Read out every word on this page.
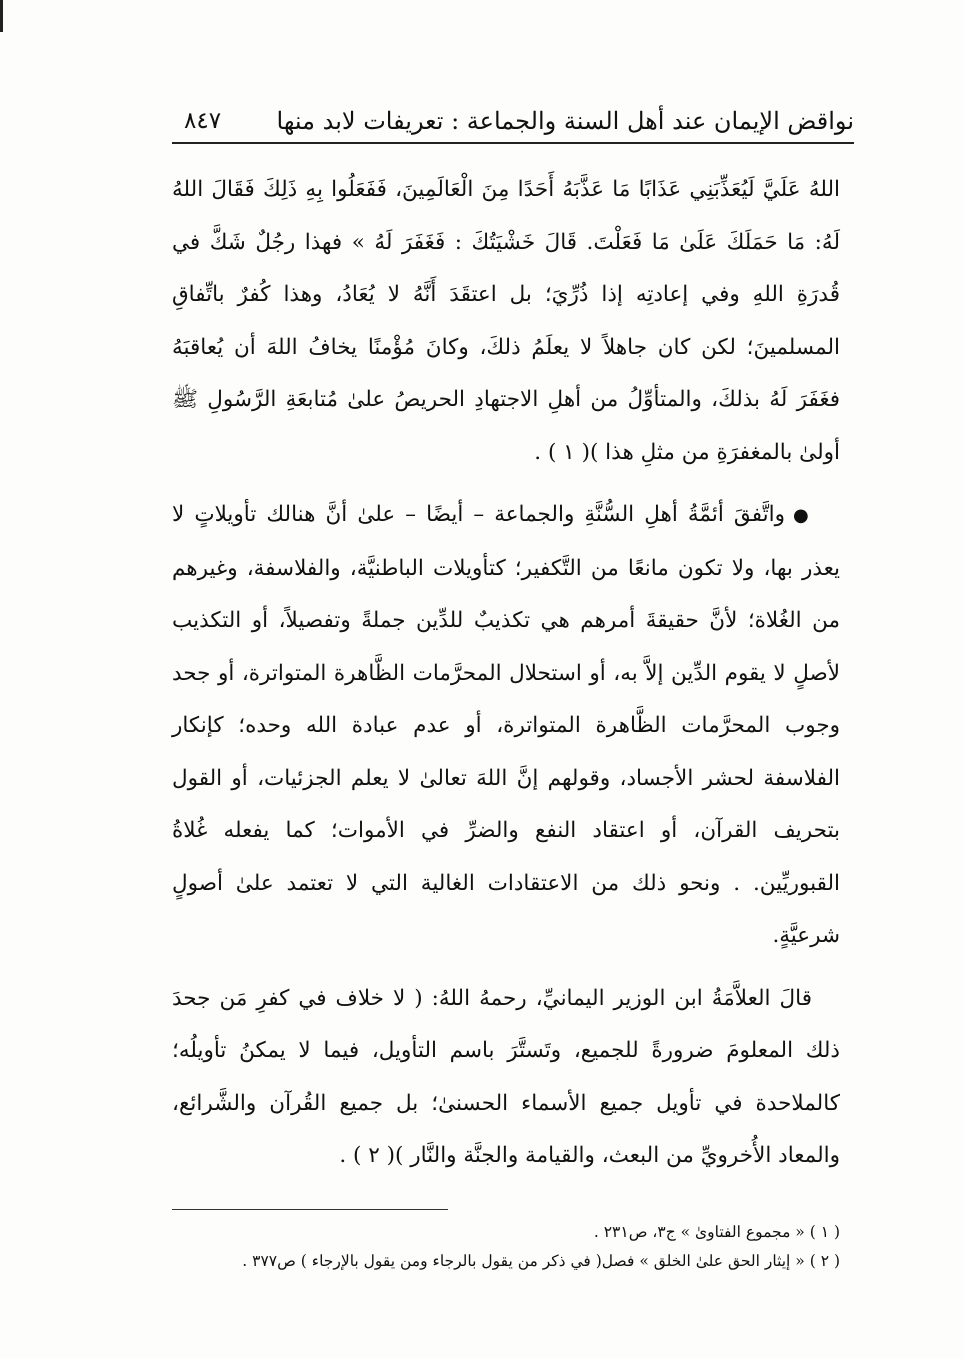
نواقض الإيمان عند أهل السنة والجماعة : تعريفات لابد منها
٨٤٧

اللهُ عَلَيَّ لَيُعَذِّبَنِي عَذَابًا مَا عَذَّبَهُ أَحَدًا مِنَ الْعَالَمِينَ، فَفَعَلُوا بِهِ ذَلِكَ فَقَالَ اللهُ لَهُ: مَا حَمَلَكَ عَلَىٰ مَا فَعَلْتَ. قَالَ خَشْيَتُكَ : فَغَفَرَ لَهُ » فهذا رجُلٌ شَكَّ في قُدرَةِ اللهِ وفي إعادتِه إذا ذُرِّيَ؛ بل اعتقَدَ أَنَّهُ لا يُعَادُ، وهذا كُفرٌ باتِّفاقِ المسلمينَ؛ لكن كان جاهلاً لا يعلَمُ ذلكَ، وكانَ مُؤْمنًا يخافُ اللهَ أن يُعاقبَهُ فغَفَرَ لَهُ بذلكَ، والمتأوِّلُ من أهلِ الاجتهادِ الحريصُ علىٰ مُتابعَةِ الرَّسُولِ ﷺ أولىٰ بالمغفرَةِ من مثلِ هذا )( ١ ) .

●واتَّفقَ أئمَّةُ أهلِ السُّنَّةِ والجماعة – أيضًا – علىٰ أنَّ هنالك تأويلاتٍ لا يعذر بها، ولا تكون مانعًا من التَّكفير؛ كتأويلات الباطنيَّة، والفلاسفة، وغيرهم من الغُلاة؛ لأنَّ حقيقةَ أمرهم هي تكذيبٌ للدِّين جملةً وتفصيلاً، أو التكذيب لأصلٍ لا يقوم الدِّين إلاَّ به، أو استحلال المحرَّمات الظَّاهرة المتواترة، أو جحد وجوب المحرَّمات الظَّاهرة المتواترة، أو عدم عبادة الله وحده؛ كإنكار الفلاسفة لحشر الأجساد، وقولهم إنَّ اللهَ تعالىٰ لا يعلم الجزئيات، أو القول بتحريف القرآن، أو اعتقاد النفع والضرِّ في الأموات؛ كما يفعله غُلاةُ القبوريِّين. . ونحو ذلك من الاعتقادات الغالية التي لا تعتمد علىٰ أصولٍ شرعيَّةٍ.

قالَ العلاَّمَةُ ابن الوزير اليمانيِّ، رحمهُ اللهُ: ( لا خلاف في كفرِ مَن جحدَ ذلك المعلومَ ضرورةً للجميع، وتَستَّرَ باسم التأويل، فيما لا يمكنُ تأويلُه؛ كالملاحدة في تأويل جميع الأسماء الحسنىٰ؛ بل جميع القُرآن والشَّرائع، والمعاد الأُخرويِّ من البعث، والقيامة والجنَّة والنَّار )( ٢ ) .

( ١ ) « مجموع الفتاوىٰ » ج٣، ص٢٣١ .
( ٢ ) « إيثار الحق علىٰ الخلق » فصل( في ذكر من يقول بالرجاء ومن يقول بالإرجاء ) ص٣٧٧ .
